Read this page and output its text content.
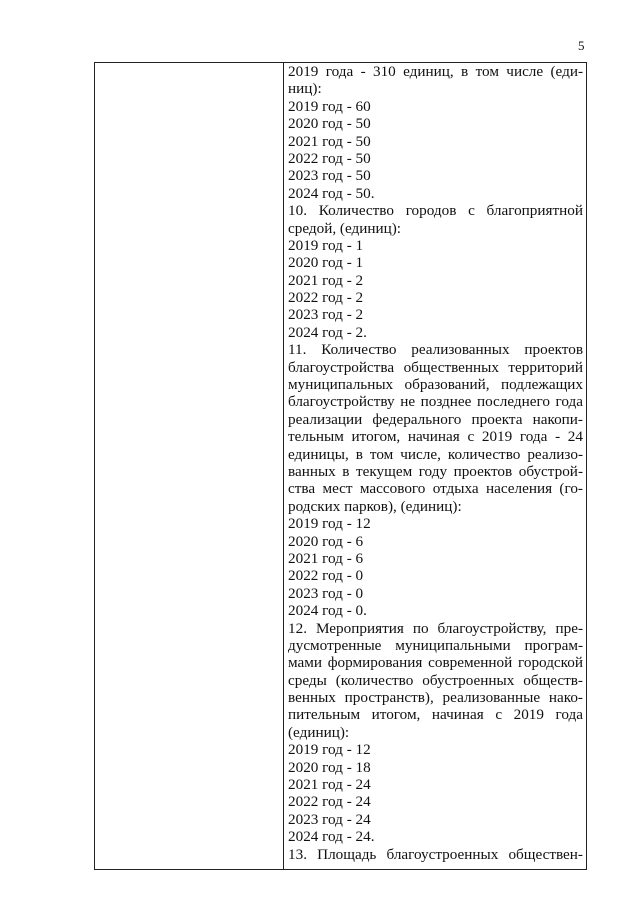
5
2019 года - 310 единиц, в том числе (еди-
ниц):
2019 год - 60
2020 год - 50
2021 год - 50
2022 год - 50
2023 год - 50
2024 год - 50.
10. Количество городов с благоприятной
средой, (единиц):
2019 год - 1
2020 год - 1
2021 год - 2
2022 год - 2
2023 год - 2
2024 год - 2.
11. Количество реализованных проектов
благоустройства общественных территорий
муниципальных образований, подлежащих
благоустройству не позднее последнего года
реализации федерального проекта накопи-
тельным итогом, начиная с 2019 года - 24
единицы, в том числе, количество реализо-
ванных в текущем году проектов обустрой-
ства мест массового отдыха населения (го-
родских парков), (единиц):
2019 год - 12
2020 год - 6
2021 год - 6
2022 год - 0
2023 год - 0
2024 год - 0.
12. Мероприятия по благоустройству, пре-
дусмотренные муниципальными програм-
мами формирования современной городской
среды (количество обустроенных обществ-
венных пространств), реализованные нако-
пительным итогом, начиная с 2019 года
(единиц):
2019 год - 12
2020 год - 18
2021 год - 24
2022 год - 24
2023 год - 24
2024 год - 24.
13. Площадь благоустроенных обществен-
